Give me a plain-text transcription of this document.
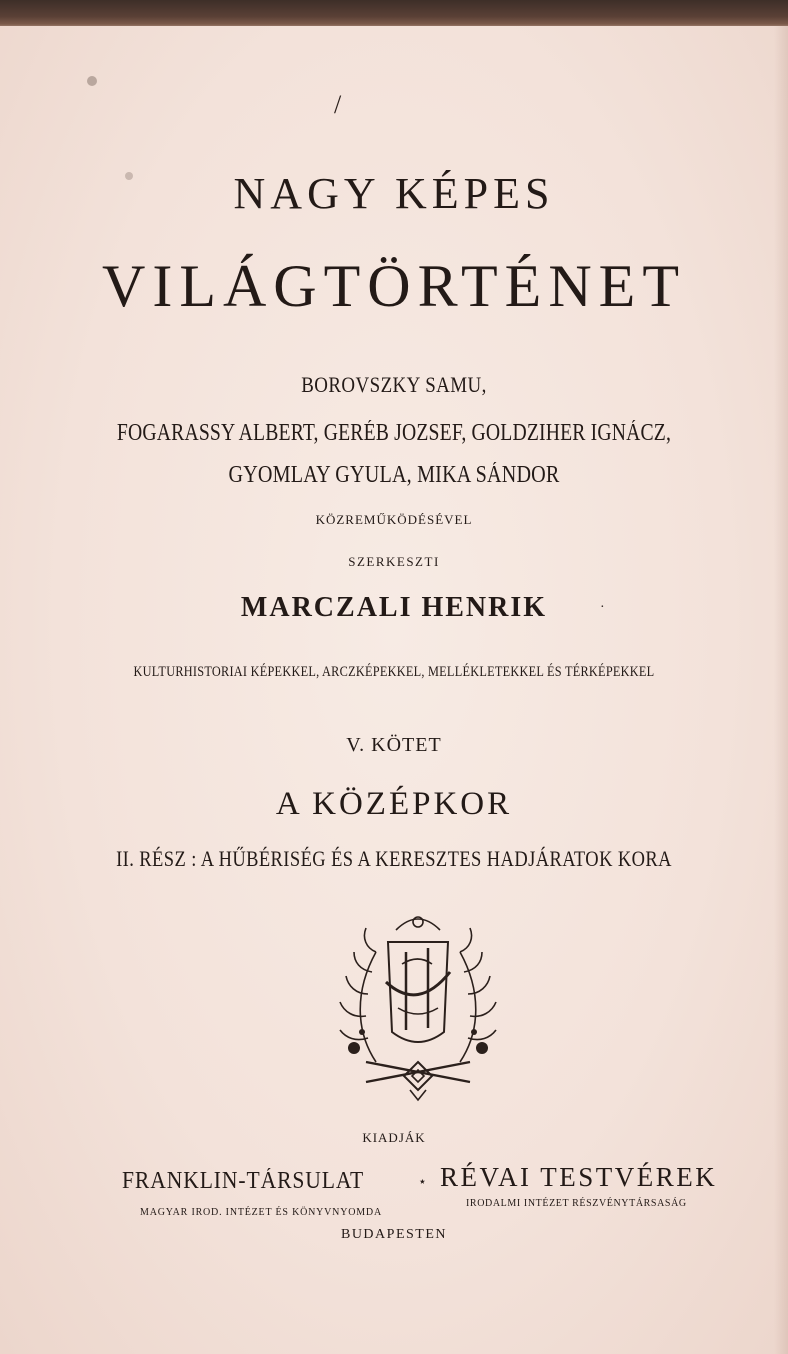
/
NAGY KÉPES
VILÁGTÖRTÉNET
BOROVSZKY SAMU,
FOGARASSY ALBERT, GERÉB JOZSEF, GOLDZIHER IGNÁCZ,
GYOMLAY GYULA, MIKA SÁNDOR
KÖZREMŰKÖDÉSÉVEL
SZERKESZTI
MARCZALI HENRIK	·
KULTURHISTORIAI KÉPEKKEL, ARCZKÉPEKKEL, MELLÉKLETEKKEL ÉS TÉRKÉPEKKEL
V. KÖTET
A KÖZÉPKOR
II. RÉSZ : A HŰBÉRISÉG ÉS A KERESZTES HADJÁRATOK KORA
KIADJÁK
FRANKLIN-TÁRSULAT	⋆ RÉVAI TESTVÉREK
MAGYAR IROD. INTÉZET ÉS KÖNYVNYOMDA
IRODALMI INTÉZET RÉSZVÉNYTÁRSASÁG
BUDAPESTEN
